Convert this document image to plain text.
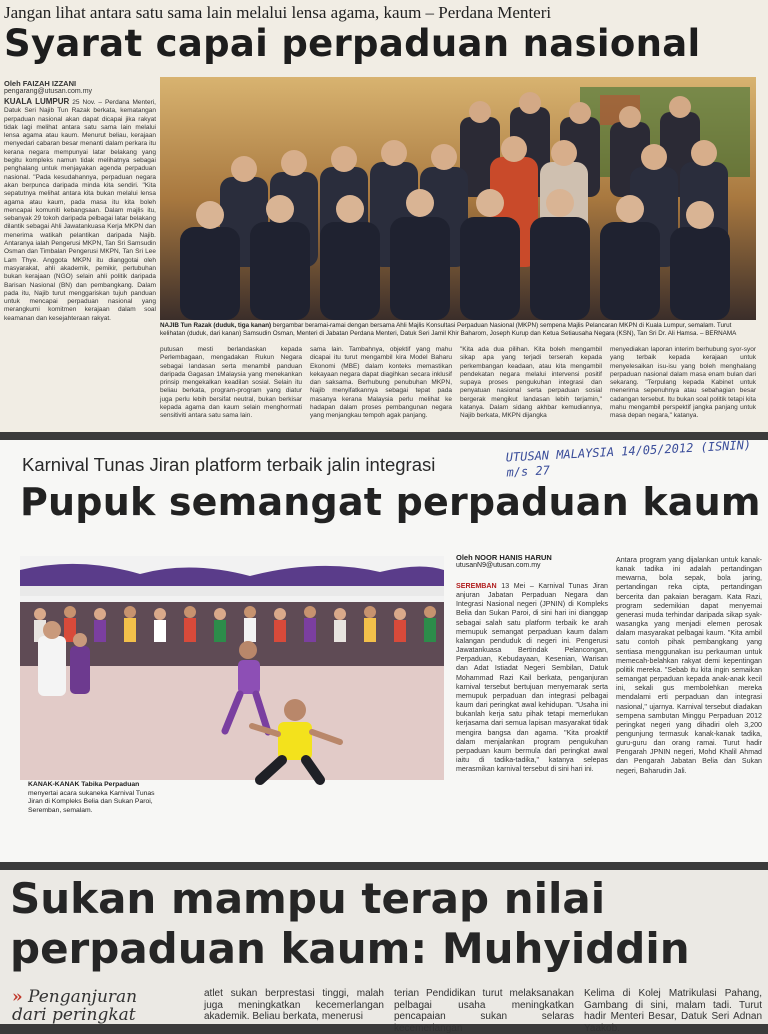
Jangan lihat antara satu sama lain melalui lensa agama, kaum – Perdana Menteri
Syarat capai perpaduan nasional
Oleh FAIZAH IZZANI
pengarang@utusan.com.my
KUALA LUMPUR 25 Nov. – Perdana Menteri, Datuk Seri Najib Tun Razak berkata, kematangan perpaduan nasional akan dapat dicapai jika rakyat tidak lagi melihat antara satu sama lain melalui lensa agama atau kaum. Menurut beliau, kerajaan menyedari cabaran besar menanti dalam perkara itu kerana negara mempunyai latar belakang yang begitu kompleks namun tidak melihatnya sebagai penghalang untuk menjayakan agenda perpaduan nasional. "Pada kesudahannya, perpaduan negara akan berpunca daripada minda kita sendiri. "Kita sepatutnya melihat antara kita bukan melalui lensa agama atau kaum, pada masa itu kita boleh mencapai komuniti kebangsaan. Dalam majlis itu, sebanyak 29 tokoh daripada pelbagai latar belakang dilantik sebagai Ahli Jawatankuasa Kerja MKPN dan menerima watikah pelantikan daripada Najib. Antaranya ialah Pengerusi MKPN, Tan Sri Samsudin Osman dan Timbalan Pengerusi MKPN, Tan Sri Lee Lam Thye. Anggota MKPN itu dianggotai oleh masyarakat, ahli akademik, pemikir, pertubuhan bukan kerajaan (NGO) selain ahli politik daripada Barisan Nasional (BN) dan pembangkang. Dalam pada itu, Najib turut menggariskan tujuh panduan untuk mencapai perpaduan nasional yang merangkumi komitmen kerajaan dalam soal keamanan dan kesejahteraan rakyat.
NAJIB Tun Razak (duduk, tiga kanan) bergambar beramai-ramai dengan bersama Ahli Majlis Konsultasi Perpaduan Nasional (MKPN) sempena Majlis Pelancaran MKPN di Kuala Lumpur, semalam. Turut kelihatan (duduk, dari kanan) Samsudin Osman, Menteri di Jabatan Perdana Menteri, Datuk Seri Jamil Khir Baharom, Joseph Kurup dan Ketua Setiausaha Negara (KSN), Tan Sri Dr. Ali Hamsa. – BERNAMA
putusan mesti berlandaskan kepada Perlembagaan, mengadakan Rukun Negara sebagai landasan serta menambil panduan daripada Gagasan 1Malaysia yang menekankan prinsip mengekalkan keadilan sosial. Selain itu beliau berkata, program-program yang diatur juga perlu lebih bersifat neutral, bukan berkisar kepada agama dan kaum selain menghormati sensitiviti antara satu sama lain.
sama lain. Tambahnya, objektif yang mahu dicapai itu turut mengambil kira Model Baharu Ekonomi (MBE) dalam konteks memastikan kekayaan negara dapat diagihkan secara inklusif dan saksama. Berhubung penubuhan MKPN, Najib menyifatkannya sebagai tepat pada masanya kerana Malaysia perlu melihat ke hadapan dalam proses pembangunan negara yang menjangkau tempoh agak panjang.
"Kita ada dua pilihan. Kita boleh mengambil sikap apa yang terjadi terserah kepada perkembangan keadaan, atau kita mengambil pendekatan negara melalui intervensi positif supaya proses pengukuhan integrasi dan penyatuan nasional serta perpaduan sosial bergerak mengikut landasan lebih terjamin," katanya. Dalam sidang akhbar kemudiannya, Najib berkata, MKPN dijangka
menyediakan laporan interim berhubung syor-syor yang terbaik kepada kerajaan untuk menyelesaikan isu-isu yang boleh menghalang perpaduan nasional dalam masa enam bulan dari sekarang. "Terpulang kepada Kabinet untuk menerima sepenuhnya atau sebahagian besar cadangan tersebut. Itu bukan soal politik tetapi kita mahu mengambil perspektif jangka panjang untuk masa depan negara," katanya.
Karnival Tunas Jiran platform terbaik jalin integrasi	UTUSAN MALAYSIA 14/05/2012 (ISNIN) m/s 27
Pupuk semangat perpaduan kaum
KANAK-KANAK Tabika Perpaduan menyertai acara sukaneka Karnival Tunas Jiran di Kompleks Belia dan Sukan Paroi, Seremban, semalam.
Oleh NOOR HANIS HARUN
utusanN9@utusan.com.my
SEREMBAN 13 Mei – Karnival Tunas Jiran anjuran Jabatan Perpaduan Negara dan Integrasi Nasional negeri (JPNIN) di Kompleks Belia dan Sukan Paroi, di sini hari ini dianggap sebagai salah satu platform terbaik ke arah memupuk semangat perpaduan kaum dalam kalangan penduduk di negeri ini. Pengerusi Jawatankuasa Bertindak Pelancongan, Perpaduan, Kebudayaan, Kesenian, Warisan dan Adat Istiadat Negeri Sembilan, Datuk Mohammad Razi Kail berkata, penganjuran karnival tersebut bertujuan menyemarak serta memupuk perpaduan dan integrasi pelbagai kaum dari peringkat awal kehidupan. "Usaha ini bukanlah kerja satu pihak tetapi memerlukan kerjasama dari semua lapisan masyarakat tidak mengira bangsa dan agama. "Kita proaktif dalam menjalankan program pengukuhan perpaduan kaum bermula dari peringkat awal iaitu di tadika-tadika," katanya selepas merasmikan karnival tersebut di sini hari ini.
Antara program yang dijalankan untuk kanak-kanak tadika ini adalah pertandingan mewarna, bola sepak, bola jaring, pertandingan reka cipta, pertandingan bercerita dan pakaian beragam. Kata Razi, program sedemikian dapat menyemai generasi muda terhindar daripada sikap syak-wasangka yang menjadi elemen perosak dalam masyarakat pelbagai kaum. "Kita ambil satu contoh pihak pembangkang yang sentiasa menggunakan isu perkauman untuk memecah-belahkan rakyat demi kepentingan politik mereka. "Sebab itu kita ingin semaikan semangat perpaduan kepada anak-anak kecil ini, sekali gus membolehkan mereka mendalami erti perpaduan dan integrasi nasional," ujarnya. Karnival tersebut diadakan sempena sambutan Minggu Perpaduan 2012 peringkat negeri yang dihadiri oleh 3,200 pengunjung termasuk kanak-kanak tadika, guru-guru dan orang ramai. Turut hadir Pengarah JPNIN negeri, Mohd Khalil Ahmad dan Pengarah Jabatan Belia dan Sukan negeri, Baharudin Jali.
Sukan mampu terap nilai
perpaduan kaum: Muhyiddin
» Penganjuran
dari peringkat
atlet sukan berprestasi tinggi, malah juga meningkatkan kecemerlangan akademik. Beliau berkata, menerusi
terian Pendidikan turut melaksanakan pelbagai usaha meningkatkan pencapaian sukan selaras kecemerlangan
Kelima di Kolej Matrikulasi Pahang, Gambang di sini, malam tadi. Turut hadir Menteri Besar, Datuk Seri Adnan Yaakob.
